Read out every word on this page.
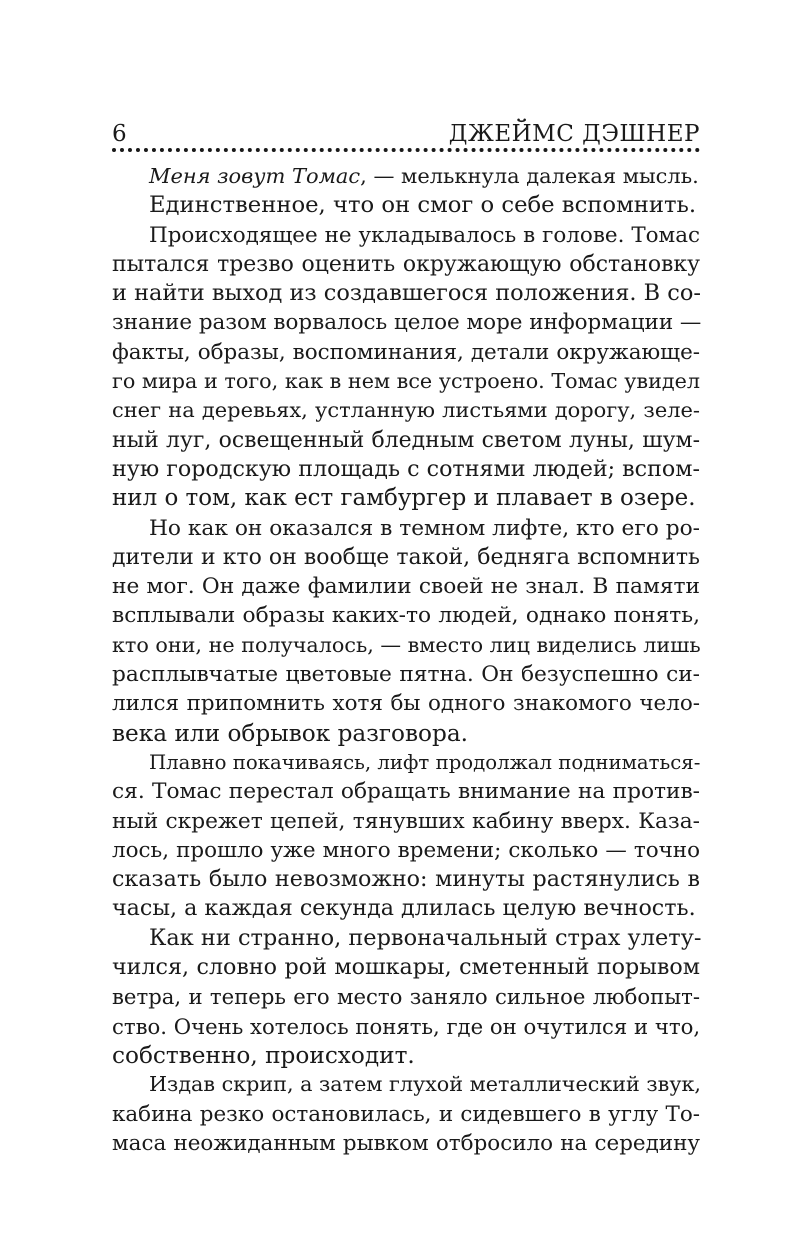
6	ДЖЕЙМС ДЭШНЕР
Меня зовут Томас, — мелькнула далекая мысль.
Единственное, что он смог о себе вспомнить.
Происходящее не укладывалось в голове. Томас
пытался трезво оценить окружающую обстановку
и найти выход из создавшегося положения. В со-
знание разом ворвалось целое море информации —
факты, образы, воспоминания, детали окружающе-
го мира и того, как в нем все устроено. Томас увидел
снег на деревьях, устланную листьями дорогу, зеле-
ный луг, освещенный бледным светом луны, шум-
ную городскую площадь с сотнями людей; вспом-
нил о том, как ест гамбургер и плавает в озере.
Но как он оказался в темном лифте, кто его ро-
дители и кто он вообще такой, бедняга вспомнить
не мог. Он даже фамилии своей не знал. В памяти
всплывали образы каких-то людей, однако понять,
кто они, не получалось, — вместо лиц виделись лишь
расплывчатые цветовые пятна. Он безуспешно си-
лился припомнить хотя бы одного знакомого чело-
века или обрывок разговора.
Плавно покачиваясь, лифт продолжал подниматься-
ся. Томас перестал обращать внимание на против-
ный скрежет цепей, тянувших кабину вверх. Каза-
лось, прошло уже много времени; сколько — точно
сказать было невозможно: минуты растянулись в
часы, а каждая секунда длилась целую вечность.
Как ни странно, первоначальный страх улету-
чился, словно рой мошкары, сметенный порывом
ветра, и теперь его место заняло сильное любопыт-
ство. Очень хотелось понять, где он очутился и что,
собственно, происходит.
Издав скрип, а затем глухой металлический звук,
кабина резко остановилась, и сидевшего в углу То-
маса неожиданным рывком отбросило на середину
